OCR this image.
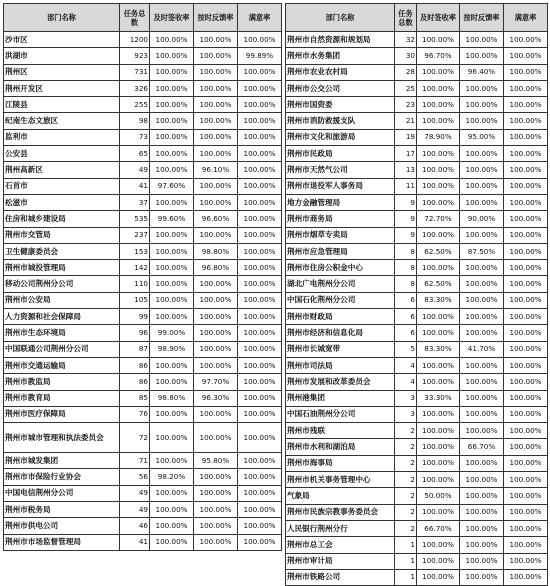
部门名称	任务总数	及时签收率	按时反馈率	满意率
沙市区	1200	100.00%	100.00%	100.00%
洪湖市	923	100.00%	100.00%	99.89%
荆州区	731	100.00%	100.00%	100.00%
荆州开发区	326	100.00%	100.00%	100.00%
江陵县	255	100.00%	100.00%	100.00%
纪南生态文旅区	98	100.00%	100.00%	100.00%
监利市	73	100.00%	100.00%	100.00%
公安县	65	100.00%	100.00%	100.00%
荆州高新区	49	100.00%	96.10%	100.00%
石首市	41	97.60%	100.00%	100.00%
松滋市	37	100.00%	100.00%	100.00%
住房和城乡建设局	535	99.60%	96.60%	100.00%
荆州市交管局	237	100.00%	100.00%	100.00%
卫生健康委员会	153	100.00%	98.80%	100.00%
荆州市城投管理局	142	100.00%	96.80%	100.00%
移动公司荆州分公司	110	100.00%	100.00%	100.00%
荆州市公安局	105	100.00%	100.00%	100.00%
人力资源和社会保障局	99	100.00%	100.00%	100.00%
荆州市生态环境局	96	99.00%	100.00%	100.00%
中国联通公司荆州分公司	87	98.90%	100.00%	100.00%
荆州市交通运输局	86	100.00%	100.00%	100.00%
荆州市教监局	86	100.00%	97.70%	100.00%
荆州市教育局	85	98.80%	96.30%	100.00%
荆州市医疗保障局	76	100.00%	100.00%	100.00%
荆州市城市管理和执法委员会	72	100.00%	100.00%	100.00%
荆州市城发集团	71	100.00%	95.80%	100.00%
荆州市市保险行业协会	56	98.20%	100.00%	100.00%
中国电信荆州分公司	49	100.00%	100.00%	100.00%
荆州市税务局	49	100.00%	100.00%	100.00%
荆州市供电公司	46	100.00%	100.00%	100.00%
荆州市市场监督管理局	41	100.00%	100.00%	100.00%
部门名称	任务总数	及时签收率	按时反馈率	满意率
荆州市自然资源和规划局	32	100.00%	100.00%	100.00%
荆州市水务集团	30	96.70%	100.00%	100.00%
荆州市农业农村局	28	100.00%	96.40%	100.00%
荆州市公交公司	25	100.00%	100.00%	100.00%
荆州市国资委	23	100.00%	100.00%	100.00%
荆州市消防救援支队	21	100.00%	100.00%	100.00%
荆州市文化和旅游局	19	78.90%	95.00%	100.00%
荆州市民政局	17	100.00%	100.00%	100.00%
荆州市天然气公司	13	100.00%	100.00%	100.00%
荆州市退役军人事务局	11	100.00%	100.00%	100.00%
地方金融管理局	9	100.00%	100.00%	100.00%
荆州市商务局	9	72.70%	90.00%	100.00%
荆州市烟草专卖局	9	100.00%	100.00%	100.00%
荆州市应急管理局	8	62.50%	87.50%	100.00%
荆州市住房公积金中心	8	100.00%	100.00%	100.00%
湖北广电荆州分公司	8	62.50%	100.00%	100.00%
中国石化荆州分公司	6	83.30%	100.00%	100.00%
荆州市财政局	6	100.00%	100.00%	100.00%
荆州市经济和信息化局	6	100.00%	100.00%	100.00%
荆州市长城宽带	5	83.30%	41.70%	100.00%
荆州市司法局	4	100.00%	100.00%	100.00%
荆州市发展和改革委员会	4	100.00%	100.00%	100.00%
荆州港集团	3	33.30%	100.00%	100.00%
中国石油荆州分公司	3	100.00%	100.00%	100.00%
荆州市残联	2	100.00%	100.00%	100.00%
荆州市水利和湖泊局	2	100.00%	66.70%	100.00%
荆州市海事局	2	100.00%	100.00%	100.00%
荆州市机关事务管理中心	2	100.00%	100.00%	100.00%
气象局	2	50.00%	100.00%	100.00%
荆州市民族宗教事务委员会	2	100.00%	100.00%	100.00%
人民银行荆州分行	2	66.70%	100.00%	100.00%
荆州市总工会	1	100.00%	100.00%	100.00%
荆州市审计局	1	100.00%	100.00%	100.00%
荆州市铁路公司	1	100.00%	100.00%	100.00%
